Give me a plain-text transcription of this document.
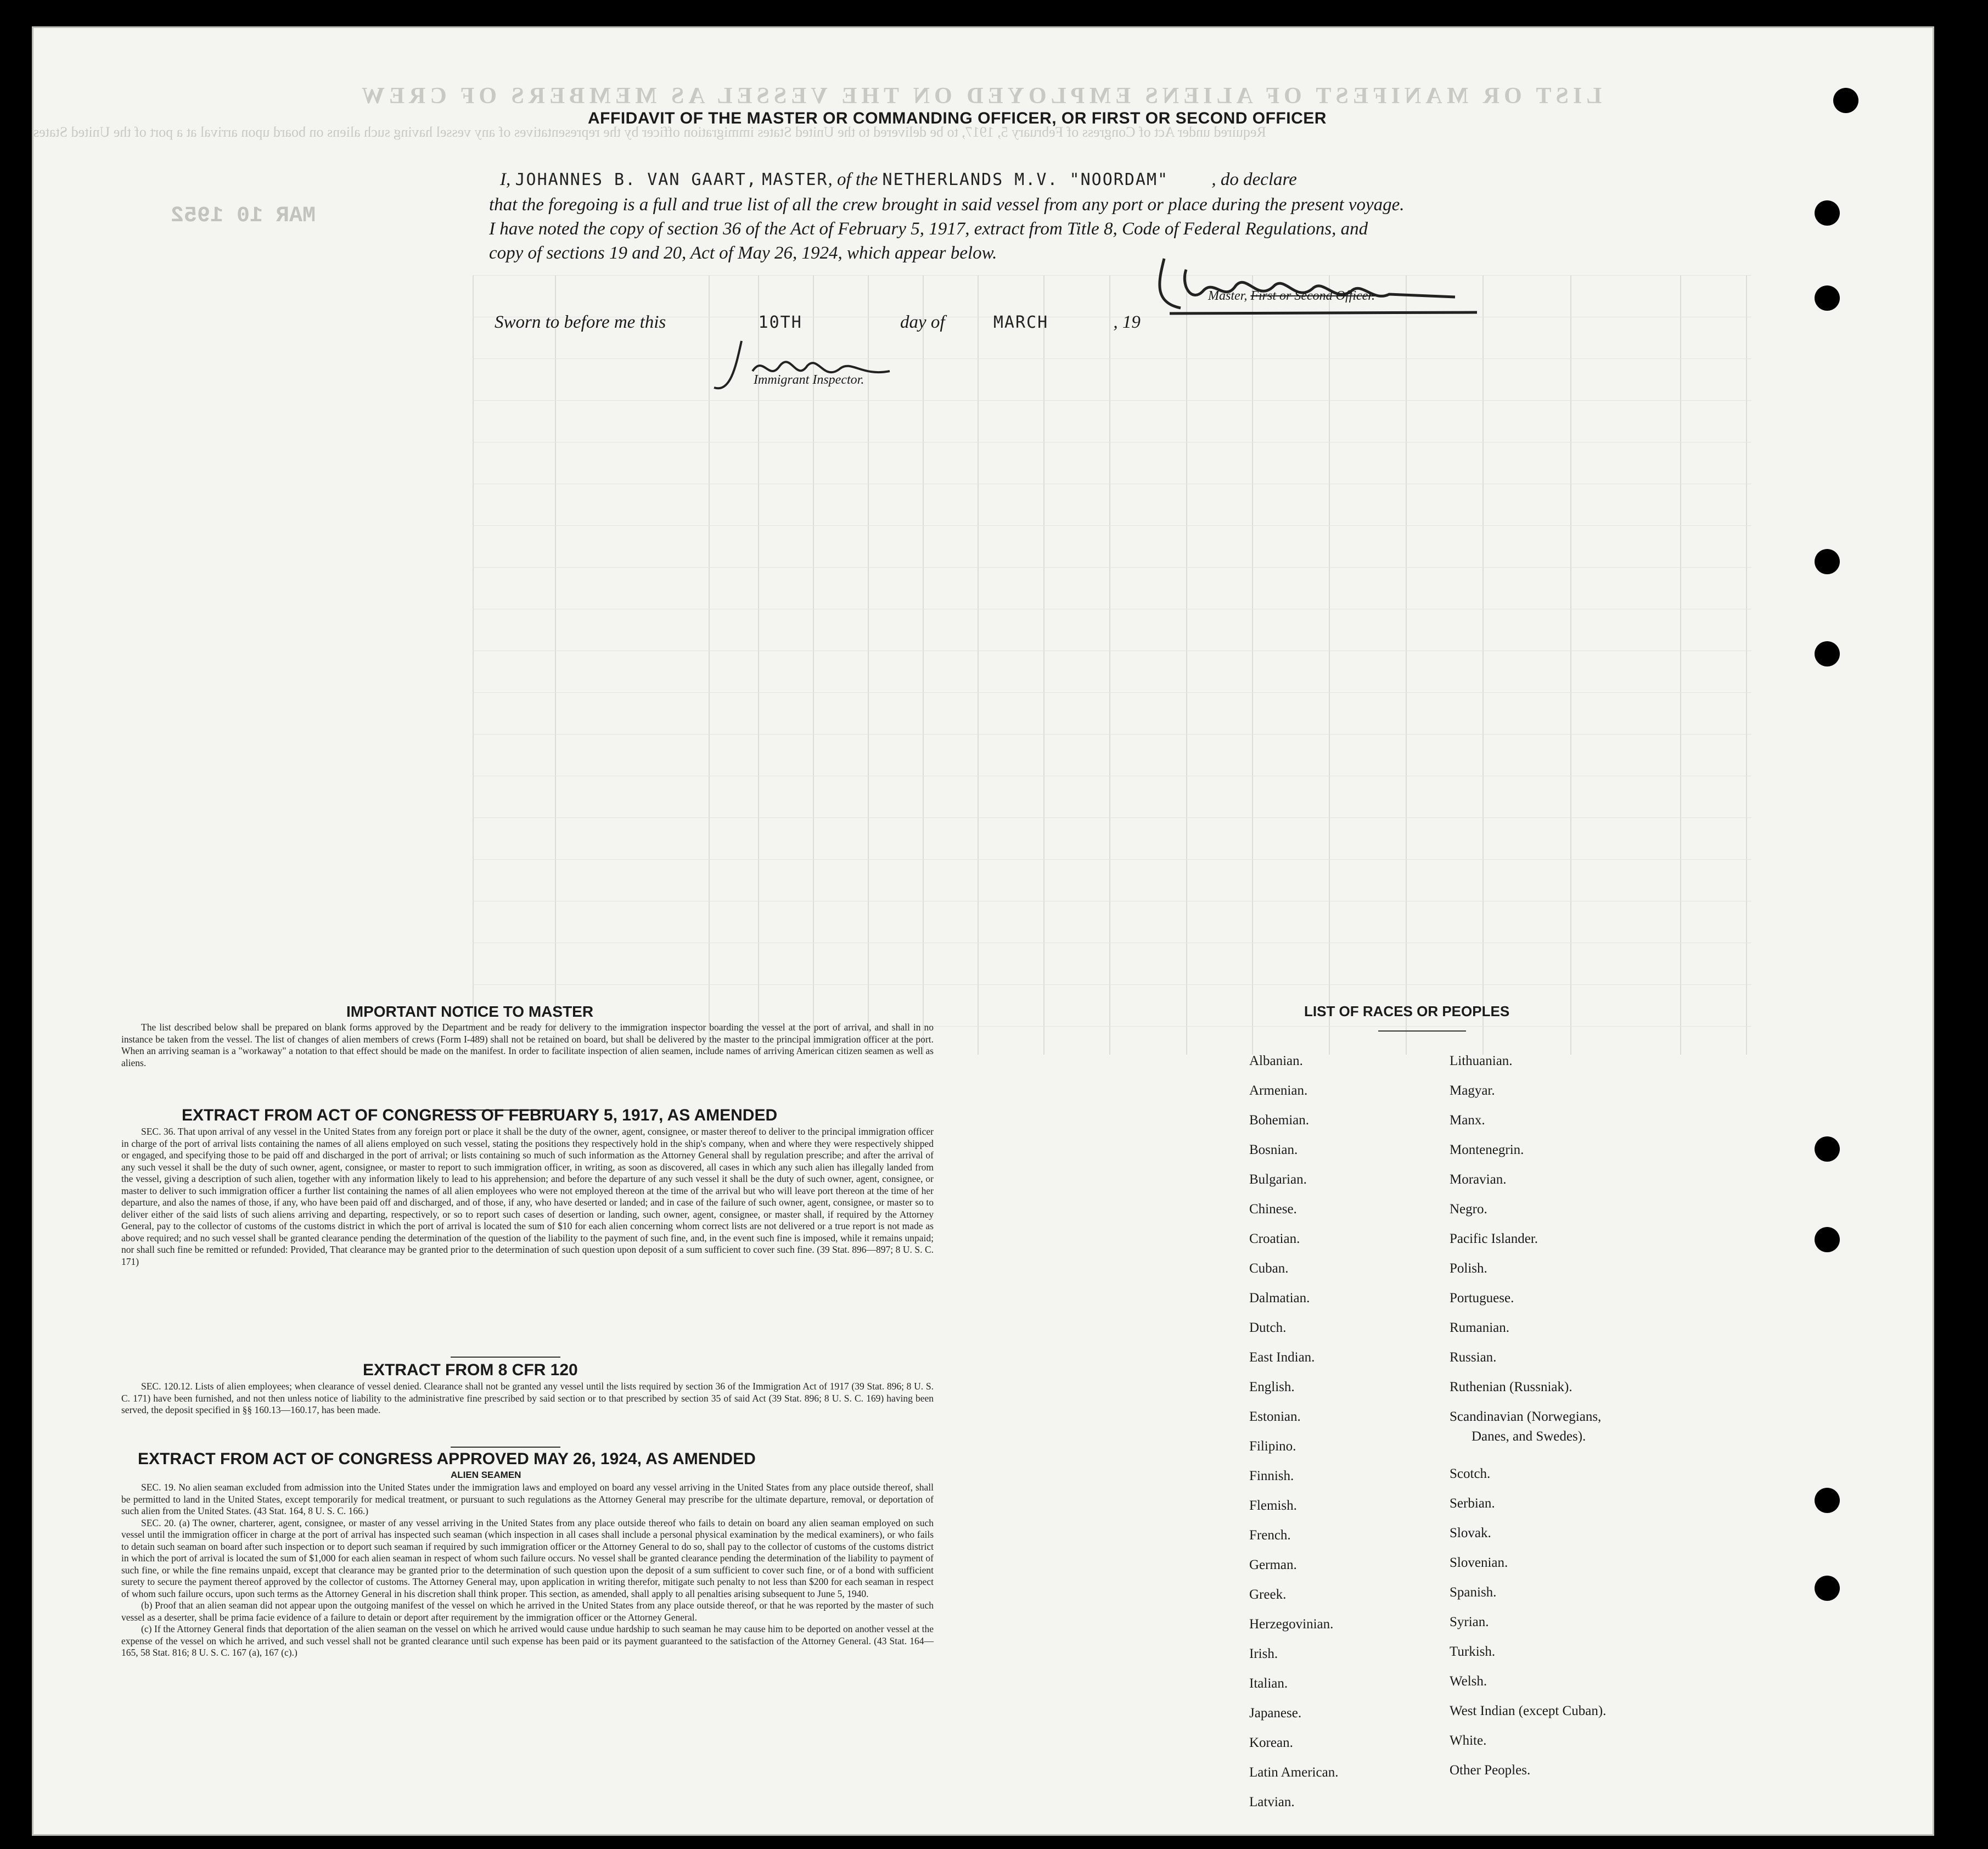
LIST OR MANIFEST OF ALIENS EMPLOYED ON THE VESSEL AS MEMBERS OF CREW
Required under Act of Congress of February 5, 1917, to be delivered to the United States immigration officer by the representatives of any vessel having such aliens on board upon arrival at a port of the United States
MAR 10 1952
AFFIDAVIT OF THE MASTER OR COMMANDING OFFICER, OR FIRST OR SECOND OFFICER
I, JOHANNES B. VAN GAART, MASTER, of the NETHERLANDS M.V. "NOORDAM" , do declare
that the foregoing is a full and true list of all the crew brought in said vessel from any port or place during the present voyage.
I have noted the copy of section 36 of the Act of February 5, 1917, extract from Title 8, Code of Federal Regulations, and
copy of sections 19 and 20, Act of May 26, 1924, which appear below.
Master, First or Second Officer.
Sworn to before me this	10TH	day of	MARCH	, 19
Immigrant Inspector.
IMPORTANT NOTICE TO MASTER

The list described below shall be prepared on blank forms approved by the Department and be ready for delivery to the immigration inspector boarding the vessel at the port of arrival, and shall in no instance be taken from the vessel. The list of changes of alien members of crews (Form I-489) shall not be retained on board, but shall be delivered by the master to the principal immigration officer at the port. When an arriving seaman is a "workaway" a notation to that effect should be made on the manifest. In order to facilitate inspection of alien seamen, include names of arriving American citizen seamen as well as aliens.

EXTRACT FROM ACT OF CONGRESS OF FEBRUARY 5, 1917, AS AMENDED

SEC. 36. That upon arrival of any vessel in the United States from any foreign port or place it shall be the duty of the owner, agent, consignee, or master thereof to deliver to the principal immigration officer in charge of the port of arrival lists containing the names of all aliens employed on such vessel, stating the positions they respectively hold in the ship's company, when and where they were respectively shipped or engaged, and specifying those to be paid off and discharged in the port of arrival; or lists containing so much of such information as the Attorney General shall by regulation prescribe; and after the arrival of any such vessel it shall be the duty of such owner, agent, consignee, or master to report to such immigration officer, in writing, as soon as discovered, all cases in which any such alien has illegally landed from the vessel, giving a description of such alien, together with any information likely to lead to his apprehension; and before the departure of any such vessel it shall be the duty of such owner, agent, consignee, or master to deliver to such immigration officer a further list containing the names of all alien employees who were not employed thereon at the time of the arrival but who will leave port thereon at the time of her departure, and also the names of those, if any, who have been paid off and discharged, and of those, if any, who have deserted or landed; and in case of the failure of such owner, agent, consignee, or master so to deliver either of the said lists of such aliens arriving and departing, respectively, or so to report such cases of desertion or landing, such owner, agent, consignee, or master shall, if required by the Attorney General, pay to the collector of customs of the customs district in which the port of arrival is located the sum of $10 for each alien concerning whom correct lists are not delivered or a true report is not made as above required; and no such vessel shall be granted clearance pending the determination of the question of the liability to the payment of such fine, and, in the event such fine is imposed, while it remains unpaid; nor shall such fine be remitted or refunded: Provided, That clearance may be granted prior to the determination of such question upon deposit of a sum sufficient to cover such fine. (39 Stat. 896—897; 8 U. S. C. 171)

EXTRACT FROM 8 CFR 120

SEC. 120.12. Lists of alien employees; when clearance of vessel denied. Clearance shall not be granted any vessel until the lists required by section 36 of the Immigration Act of 1917 (39 Stat. 896; 8 U. S. C. 171) have been furnished, and not then unless notice of liability to the administrative fine prescribed by said section or to that prescribed by section 35 of said Act (39 Stat. 896; 8 U. S. C. 169) having been served, the deposit specified in §§ 160.13—160.17, has been made.

EXTRACT FROM ACT OF CONGRESS APPROVED MAY 26, 1924, AS AMENDED
ALIEN SEAMEN

SEC. 19. No alien seaman excluded from admission into the United States under the immigration laws and employed on board any vessel arriving in the United States from any place outside thereof, shall be permitted to land in the United States, except temporarily for medical treatment, or pursuant to such regulations as the Attorney General may prescribe for the ultimate departure, removal, or deportation of such alien from the United States. (43 Stat. 164, 8 U. S. C. 166.)

SEC. 20. (a) The owner, charterer, agent, consignee, or master of any vessel arriving in the United States from any place outside thereof who fails to detain on board any alien seaman employed on such vessel until the immigration officer in charge at the port of arrival has inspected such seaman (which inspection in all cases shall include a personal physical examination by the medical examiners), or who fails to detain such seaman on board after such inspection or to deport such seaman if required by such immigration officer or the Attorney General to do so, shall pay to the collector of customs of the customs district in which the port of arrival is located the sum of $1,000 for each alien seaman in respect of whom such failure occurs. No vessel shall be granted clearance pending the determination of the liability to payment of such fine, or while the fine remains unpaid, except that clearance may be granted prior to the determination of such question upon the deposit of a sum sufficient to cover such fine, or of a bond with sufficient surety to secure the payment thereof approved by the collector of customs. The Attorney General may, upon application in writing therefor, mitigate such penalty to not less than $200 for each seaman in respect of whom such failure occurs, upon such terms as the Attorney General in his discretion shall think proper. This section, as amended, shall apply to all penalties arising subsequent to June 5, 1940.

(b) Proof that an alien seaman did not appear upon the outgoing manifest of the vessel on which he arrived in the United States from any place outside thereof, or that he was reported by the master of such vessel as a deserter, shall be prima facie evidence of a failure to detain or deport after requirement by the immigration officer or the Attorney General.

(c) If the Attorney General finds that deportation of the alien seaman on the vessel on which he arrived would cause undue hardship to such seaman he may cause him to be deported on another vessel at the expense of the vessel on which he arrived, and such vessel shall not be granted clearance until such expense has been paid or its payment guaranteed to the satisfaction of the Attorney General. (43 Stat. 164—165, 58 Stat. 816; 8 U. S. C. 167 (a), 167 (c).)

LIST OF RACES OR PEOPLES
Albanian.
Armenian.
Bohemian.
Bosnian.
Bulgarian.
Chinese.
Croatian.
Cuban.
Dalmatian.
Dutch.
East Indian.
English.
Estonian.
Filipino.
Finnish.
Flemish.
French.
German.
Greek.
Herzegovinian.
Irish.
Italian.
Japanese.
Korean.
Latin American.
Latvian.
Lithuanian.
Magyar.
Manx.
Montenegrin.
Moravian.
Negro.
Pacific Islander.
Polish.
Portuguese.
Rumanian.
Russian.
Ruthenian (Russniak).
Scandinavian (Norwegians,
Danes, and Swedes).
Scotch.
Serbian.
Slovak.
Slovenian.
Spanish.
Syrian.
Turkish.
Welsh.
West Indian (except Cuban).
White.
Other Peoples.
